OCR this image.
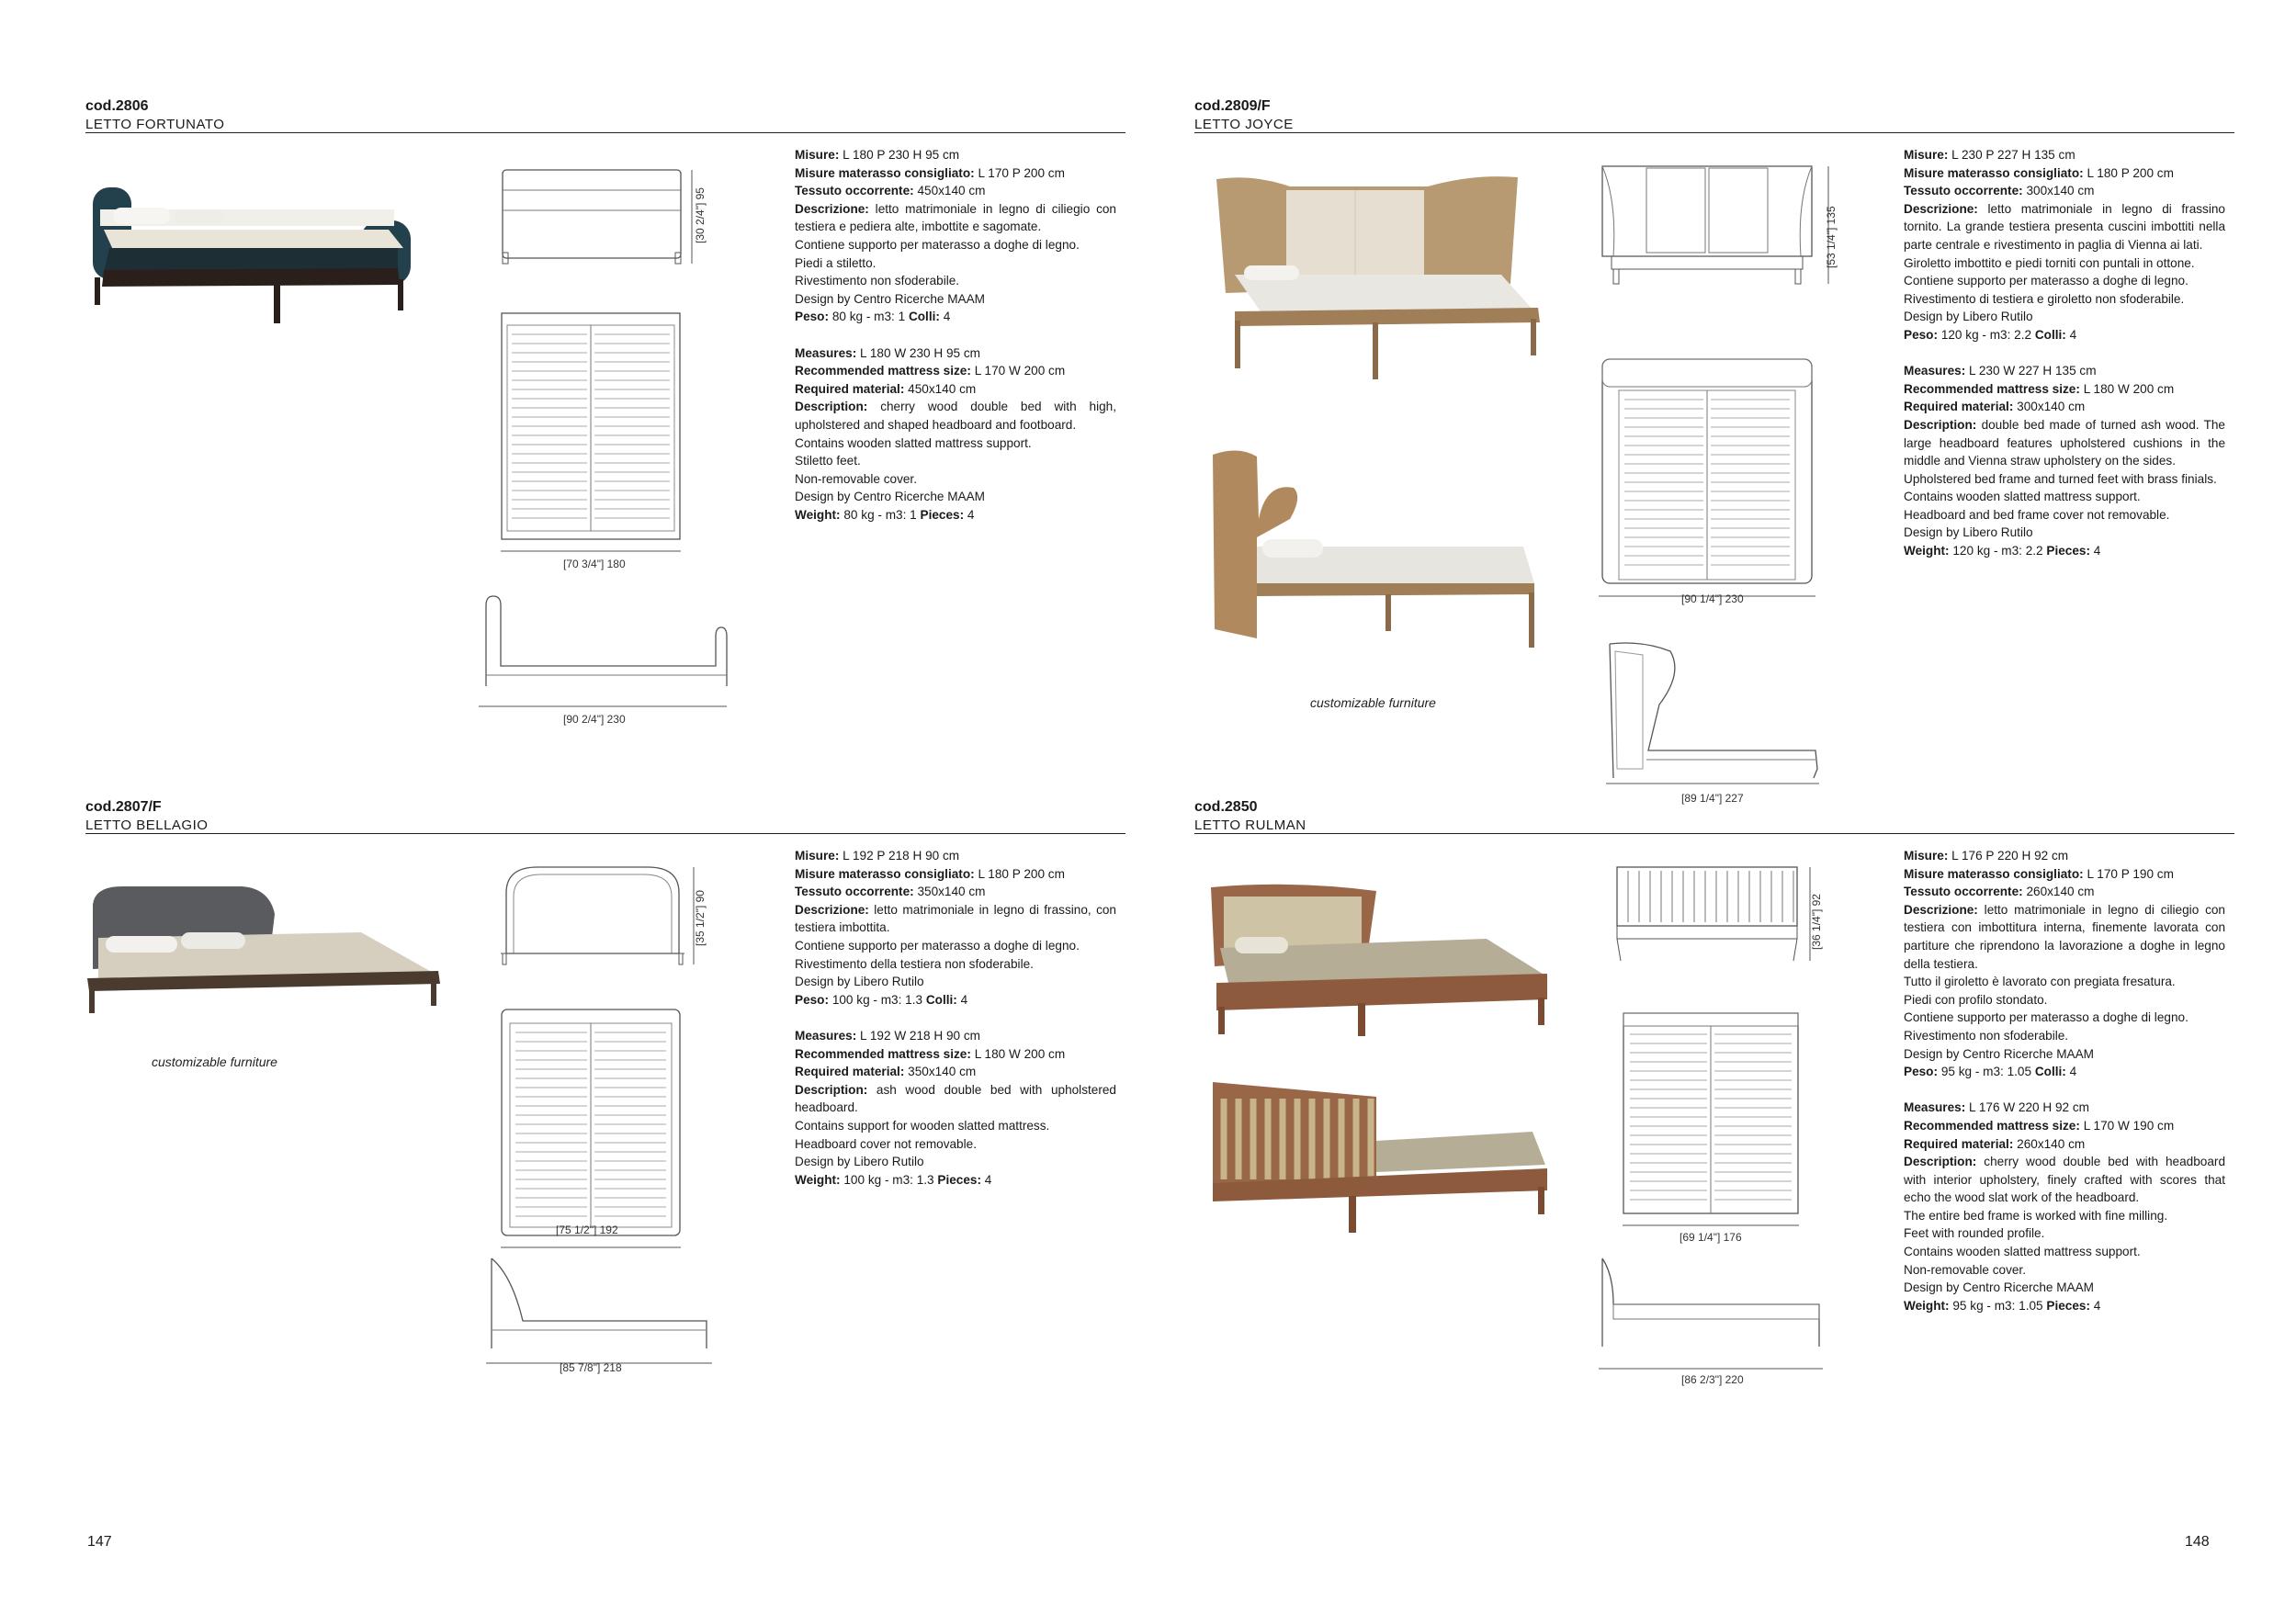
cod.2806
LETTO FORTUNATO
[30 2/4"] 95
[70 3/4"] 180
[90 2/4"] 230

Misure: L 180 P 230 H 95 cm

Misure materasso consigliato: L 170 P 200 cm

Tessuto occorrente: 450x140 cm

Descrizione: letto matrimoniale in legno di ciliegio con testiera e pediera alte, imbottite e sagomate.

Contiene supporto per materasso a doghe di legno.

Piedi a stiletto.

Rivestimento non sfoderabile.

Design by Centro Ricerche MAAM

Peso: 80 kg - m3: 1 Colli: 4

Measures: L 180 W 230 H 95 cm

Recommended mattress size: L 170 W 200 cm

Required material: 450x140 cm

Description: cherry wood double bed with high, upholstered and shaped headboard and footboard.

Contains wooden slatted mattress support.

Stiletto feet.

Non-removable cover.

Design by Centro Ricerche MAAM

Weight: 80 kg - m3: 1 Pieces: 4

cod.2809/F
LETTO JOYCE
customizable furniture
[53 1/4"] 135
[90 1/4"] 230
[89 1/4"] 227

Misure: L 230 P 227 H 135 cm

Misure materasso consigliato: L 180 P 200 cm

Tessuto occorrente: 300x140 cm

Descrizione: letto matrimoniale in legno di frassino tornito. La grande testiera presenta cuscini imbottiti nella parte centrale e rivestimento in paglia di Vienna ai lati.

Giroletto imbottito e piedi torniti con puntali in ottone.

Contiene supporto per materasso a doghe di legno.

Rivestimento di testiera e giroletto non sfoderabile.

Design by Libero Rutilo

Peso: 120 kg - m3: 2.2 Colli: 4

Measures: L 230 W 227 H 135 cm

Recommended mattress size: L 180 W 200 cm

Required material: 300x140 cm

Description: double bed made of turned ash wood. The large headboard features upholstered cushions in the middle and Vienna straw upholstery on the sides.

Upholstered bed frame and turned feet with brass finials.

Contains wooden slatted mattress support.

Headboard and bed frame cover not removable.

Design by Libero Rutilo

Weight: 120 kg - m3: 2.2 Pieces: 4

cod.2807/F
LETTO BELLAGIO
customizable furniture
[35 1/2"] 90
[75 1/2"] 192
[85 7/8"] 218

Misure: L 192 P 218 H 90 cm

Misure materasso consigliato: L 180 P 200 cm

Tessuto occorrente: 350x140 cm

Descrizione: letto matrimoniale in legno di frassino, con testiera imbottita.

Contiene supporto per materasso a doghe di legno.

Rivestimento della testiera non sfoderabile.

Design by Libero Rutilo

Peso: 100 kg - m3: 1.3 Colli: 4

Measures: L 192 W 218 H 90 cm

Recommended mattress size: L 180 W 200 cm

Required material: 350x140 cm

Description: ash wood double bed with upholstered headboard.

Contains support for wooden slatted mattress.

Headboard cover not removable.

Design by Libero Rutilo

Weight: 100 kg - m3: 1.3 Pieces: 4

cod.2850
LETTO RULMAN
[36 1/4"] 92
[69 1/4"] 176
[86 2/3"] 220

Misure: L 176 P 220 H 92 cm

Misure materasso consigliato: L 170 P 190 cm

Tessuto occorrente: 260x140 cm

Descrizione: letto matrimoniale in legno di ciliegio con testiera con imbottitura interna, finemente lavorata con partiture che riprendono la lavorazione a doghe in legno della testiera.

Tutto il giroletto è lavorato con pregiata fresatura.

Piedi con profilo stondato.

Contiene supporto per materasso a doghe di legno.

Rivestimento non sfoderabile.

Design by Centro Ricerche MAAM

Peso: 95 kg - m3: 1.05 Colli: 4

Measures: L 176 W 220 H 92 cm

Recommended mattress size: L 170 W 190 cm

Required material: 260x140 cm

Description: cherry wood double bed with headboard with interior upholstery, finely crafted with scores that echo the wood slat work of the headboard.

The entire bed frame is worked with fine milling.

Feet with rounded profile.

Contains wooden slatted mattress support.

Non-removable cover.

Design by Centro Ricerche MAAM

Weight: 95 kg - m3: 1.05 Pieces: 4

147	148
